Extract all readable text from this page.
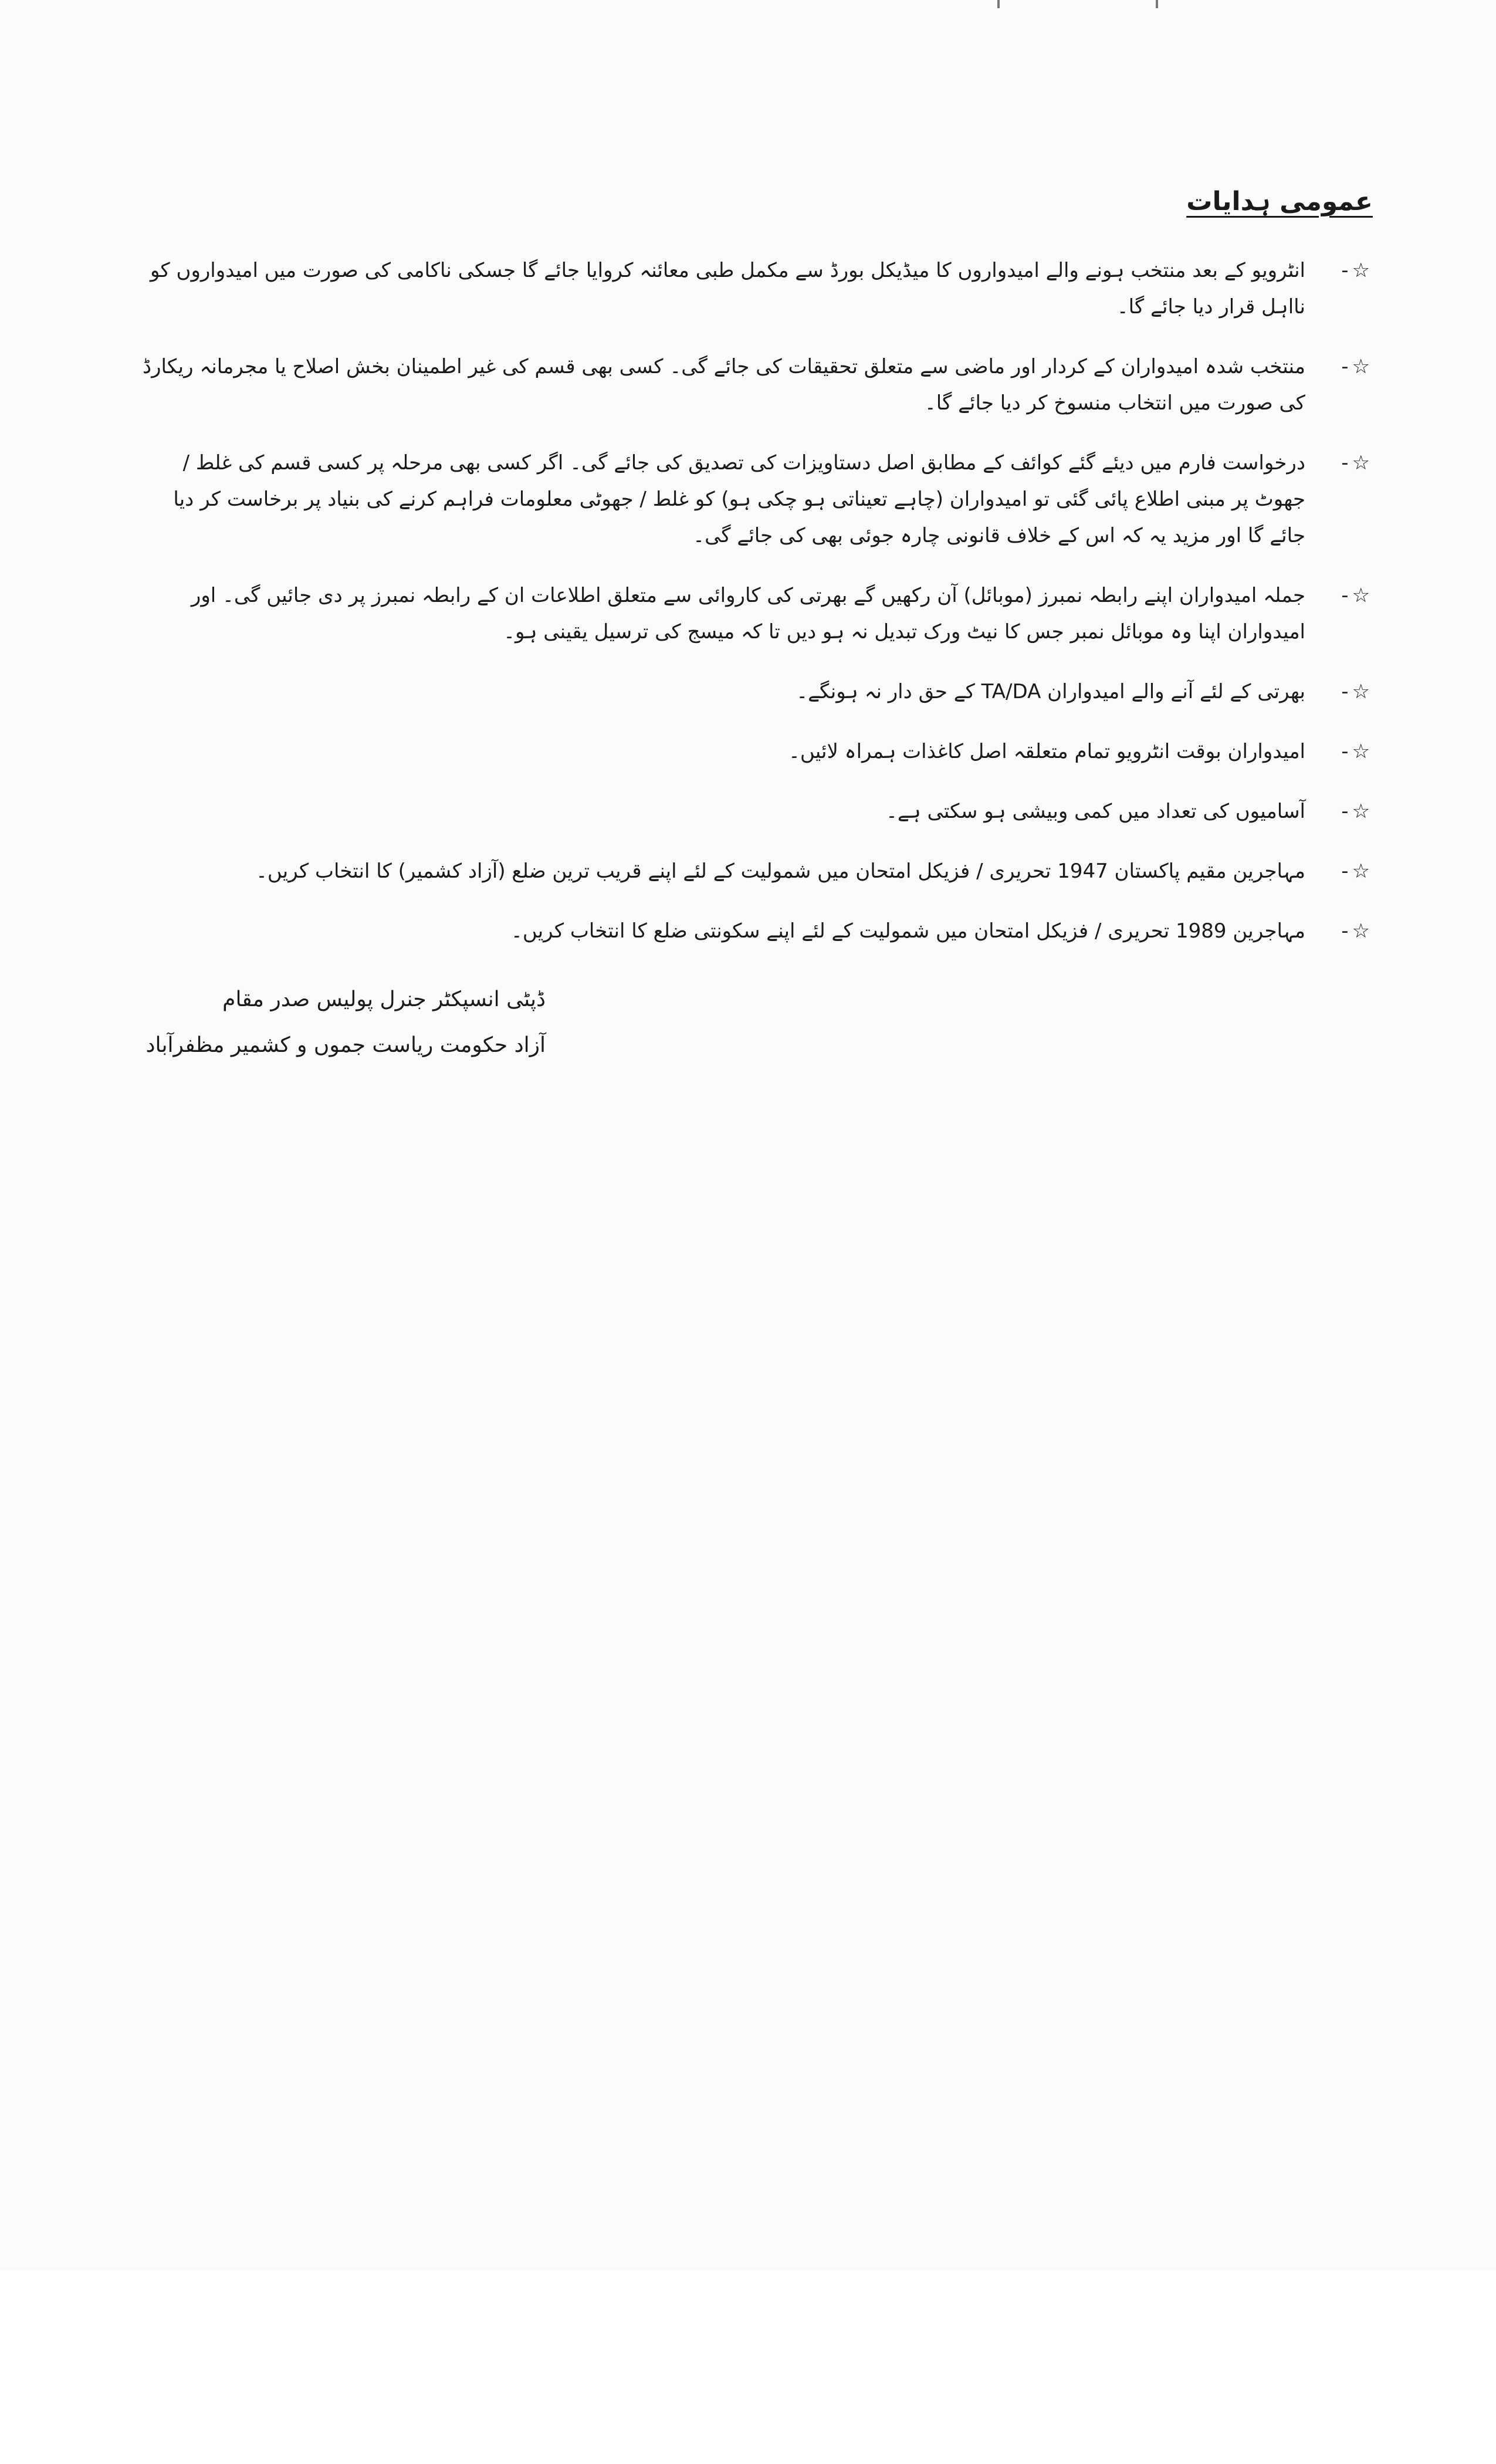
عمومی ہدایات
☆
-
انٹرویو کے بعد منتخب ہونے والے امیدواروں کا میڈیکل بورڈ سے مکمل طبی معائنہ کروایا جائے گا جسکی ناکامی کی صورت میں امیدواروں کو نااہل قرار دیا جائے گا۔
☆
-
منتخب شدہ امیدواران کے کردار اور ماضی سے متعلق تحقیقات کی جائے گی۔ کسی بھی قسم کی غیر اطمینان بخش اصلاح یا مجرمانہ ریکارڈ کی صورت میں انتخاب منسوخ کر دیا جائے گا۔
☆
-
درخواست فارم میں دیئے گئے کوائف کے مطابق اصل دستاویزات کی تصدیق کی جائے گی۔ اگر کسی بھی مرحلہ پر کسی قسم کی غلط / جھوٹ پر مبنی اطلاع پائی گئی تو امیدواران (چاہے تعیناتی ہو چکی ہو) کو غلط / جھوٹی معلومات فراہم کرنے کی بنیاد پر برخاست کر دیا جائے گا اور مزید یہ کہ اس کے خلاف قانونی چارہ جوئی بھی کی جائے گی۔
☆
-
جملہ امیدواران اپنے رابطہ نمبرز (موبائل) آن رکھیں گے بھرتی کی کاروائی سے متعلق اطلاعات ان کے رابطہ نمبرز پر دی جائیں گی۔ اور امیدواران اپنا وہ موبائل نمبر جس کا نیٹ ورک تبدیل نہ ہو دیں تا کہ میسج کی ترسیل یقینی ہو۔
☆
-
بھرتی کے لئے آنے والے امیدواران TA/DA کے حق دار نہ ہونگے۔
☆
-
امیدواران بوقت انٹرویو تمام متعلقہ اصل کاغذات ہمراہ لائیں۔
☆
-
آسامیوں کی تعداد میں کمی وبیشی ہو سکتی ہے۔
☆
-
مہاجرین مقیم پاکستان 1947 تحریری / فزیکل امتحان میں شمولیت کے لئے اپنے قریب ترین ضلع (آزاد کشمیر) کا انتخاب کریں۔
☆
-
مہاجرین 1989 تحریری / فزیکل امتحان میں شمولیت کے لئے اپنے سکونتی ضلع کا انتخاب کریں۔
ڈپٹی انسپکٹر جنرل پولیس صدر مقام
آزاد حکومت ریاست جموں و کشمیر مظفرآباد
